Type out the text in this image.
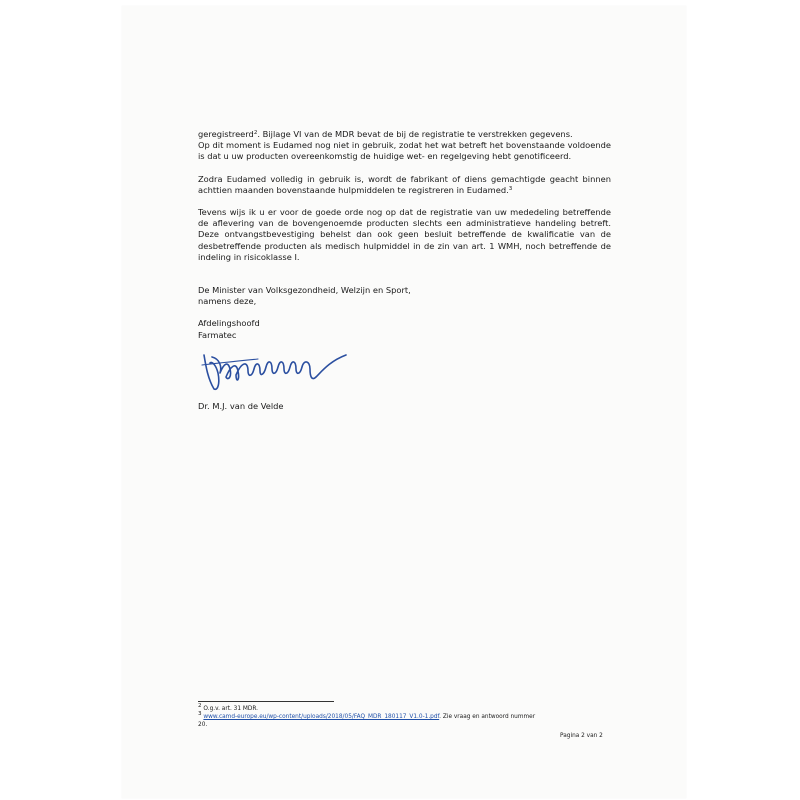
geregistreerd$^2$. Bijlage VI van de MDR bevat de bij de registratie te verstrekken gegevens.

Op dit moment is Eudamed nog niet in gebruik, zodat het wat betreft het bovenstaande voldoende is dat u uw producten overeenkomstig de huidige wet- en regelgeving hebt genotificeerd.

Zodra Eudamed volledig in gebruik is, wordt de fabrikant of diens gemachtigde geacht binnen achttien maanden bovenstaande hulpmiddelen te registreren in Eudamed.$^3$

Tevens wijs ik u er voor de goede orde nog op dat de registratie van uw mededeling betreffende de aflevering van de bovengenoemde producten slechts een administratieve handeling betreft. Deze ontvangstbevestiging behelst dan ook geen besluit betreffende de kwalificatie van de desbetreffende producten als medisch hulpmiddel in de zin van art. 1 WMH, noch betreffende de indeling in risicoklasse I.

De Minister van Volksgezondheid, Welzijn en Sport,

namens deze,

Afdelingshoofd

Farmatec

Dr. M.J. van de Velde

$^2$ O.g.v. art. 31 MDR.
$^3$ www.camd-europe.eu/wp-content/uploads/2018/05/FAQ_MDR_180117_V1.0-1.pdf. Zie vraag en antwoord nummer 20.
Pagina 2 van 2
